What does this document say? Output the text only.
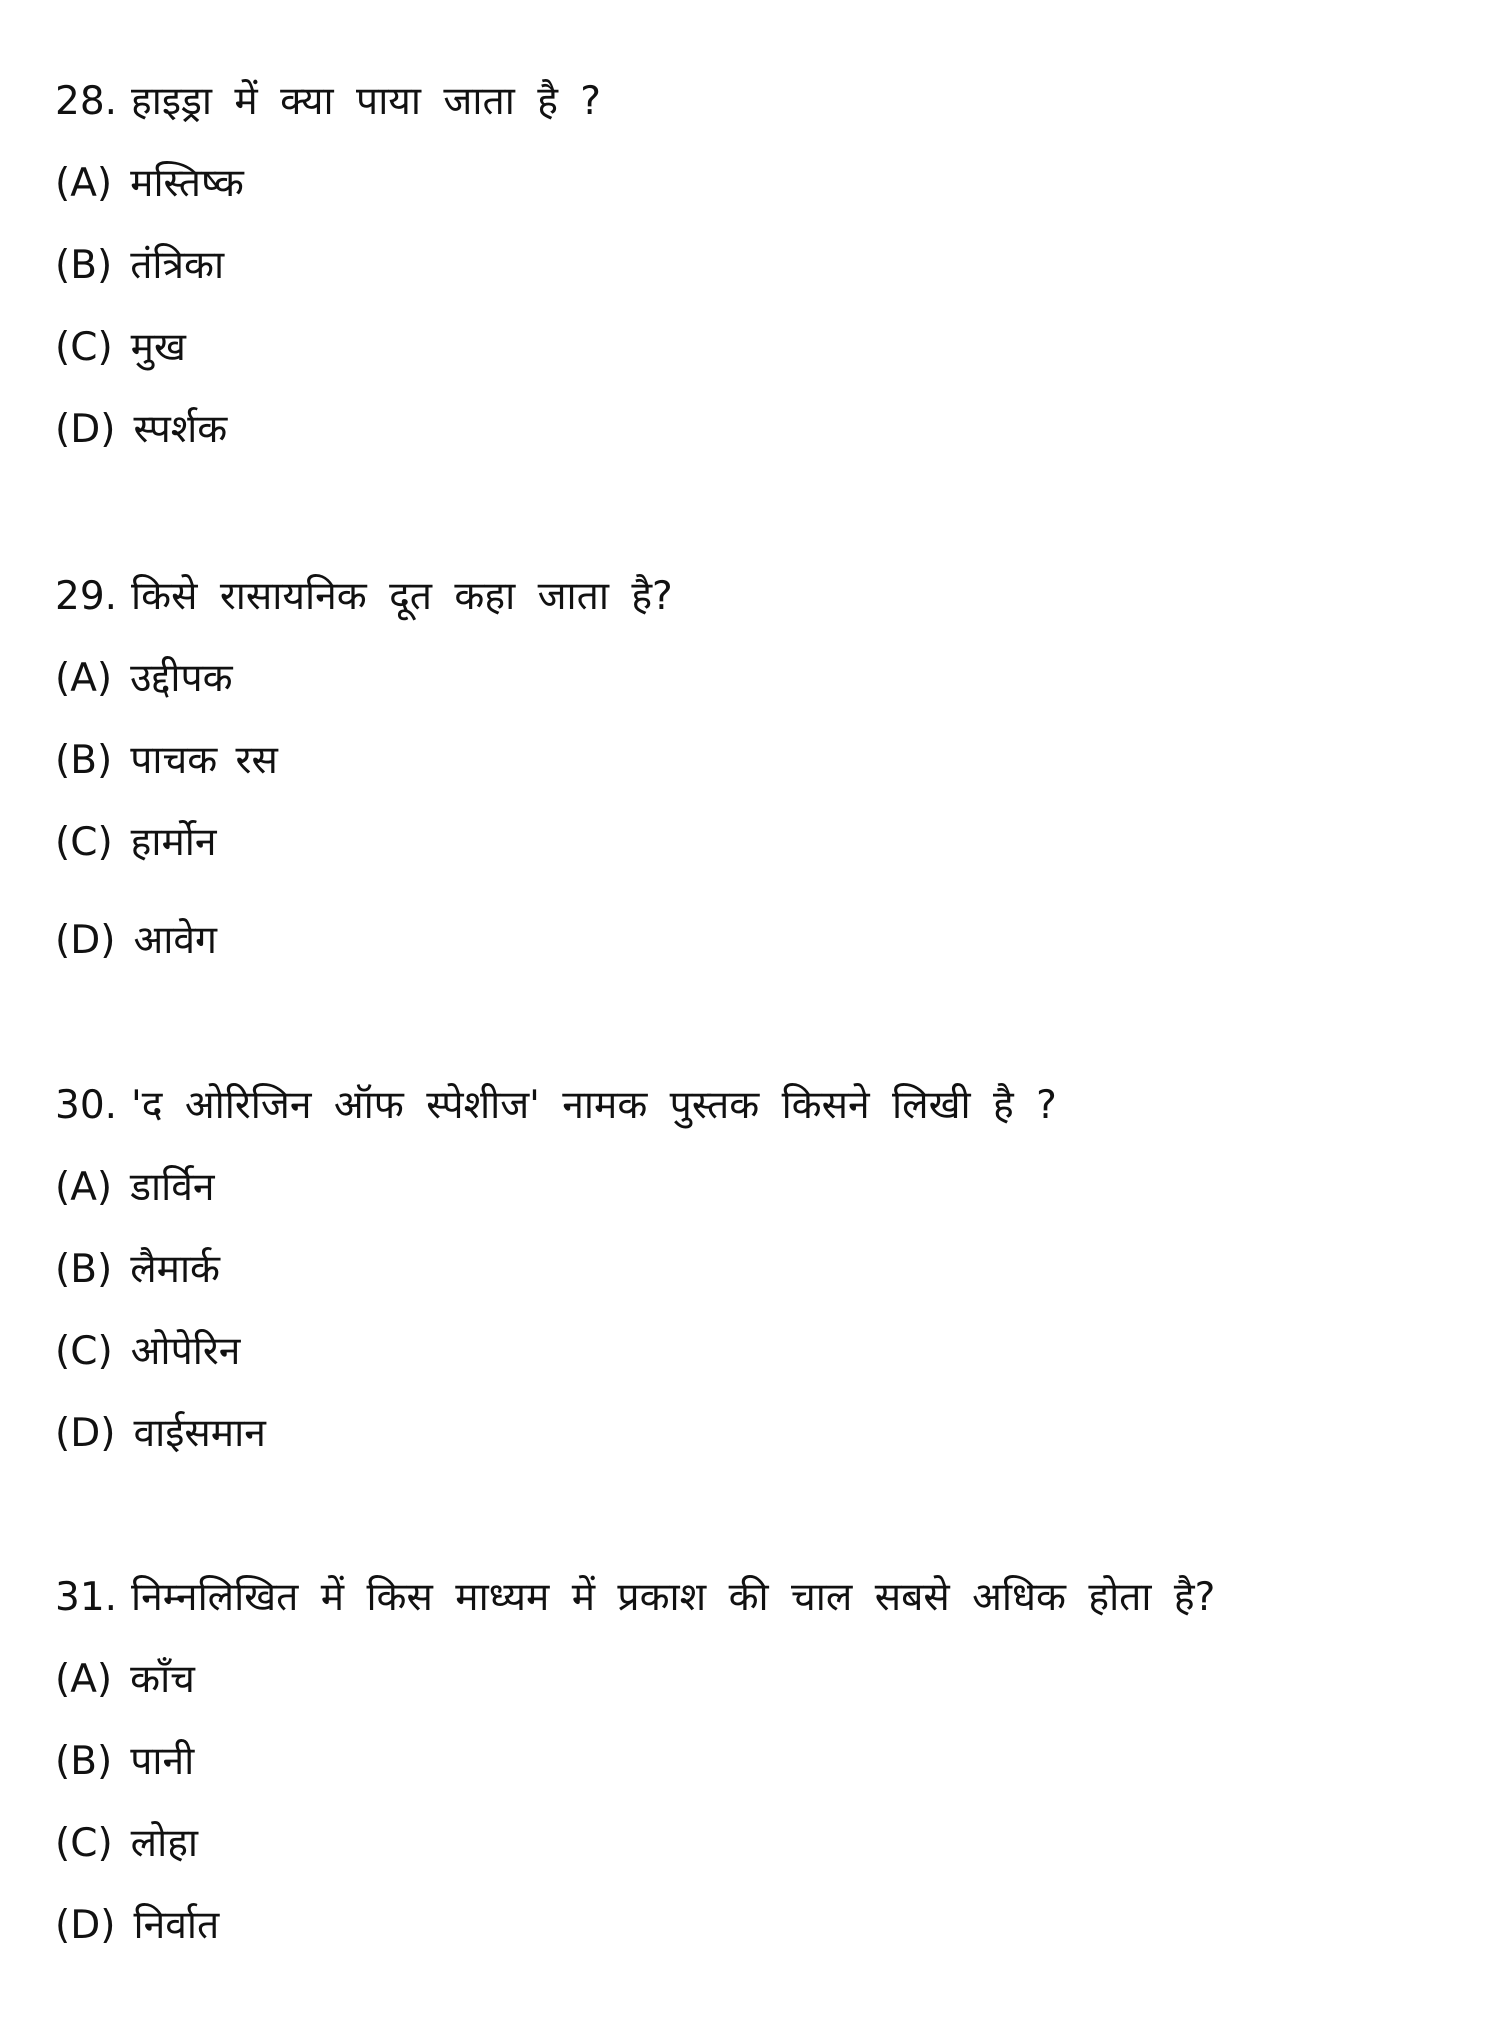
28. हाइड्रा में क्या पाया जाता है ?
(A) मस्तिष्क
(B) तंत्रिका
(C) मुख
(D) स्पर्शक
29. किसे रासायनिक दूत कहा जाता है?
(A) उद्दीपक
(B) पाचक रस
(C) हार्मोन
(D) आवेग
30. 'द ओरिजिन ऑफ स्पेशीज' नामक पुस्तक किसने लिखी है ?
(A) डार्विन
(B) लैमार्क
(C) ओपेरिन
(D) वाईसमान
31. निम्नलिखित में किस माध्यम में प्रकाश की चाल सबसे अधिक होता है?
(A) काँच
(B) पानी
(C) लोहा
(D) निर्वात
